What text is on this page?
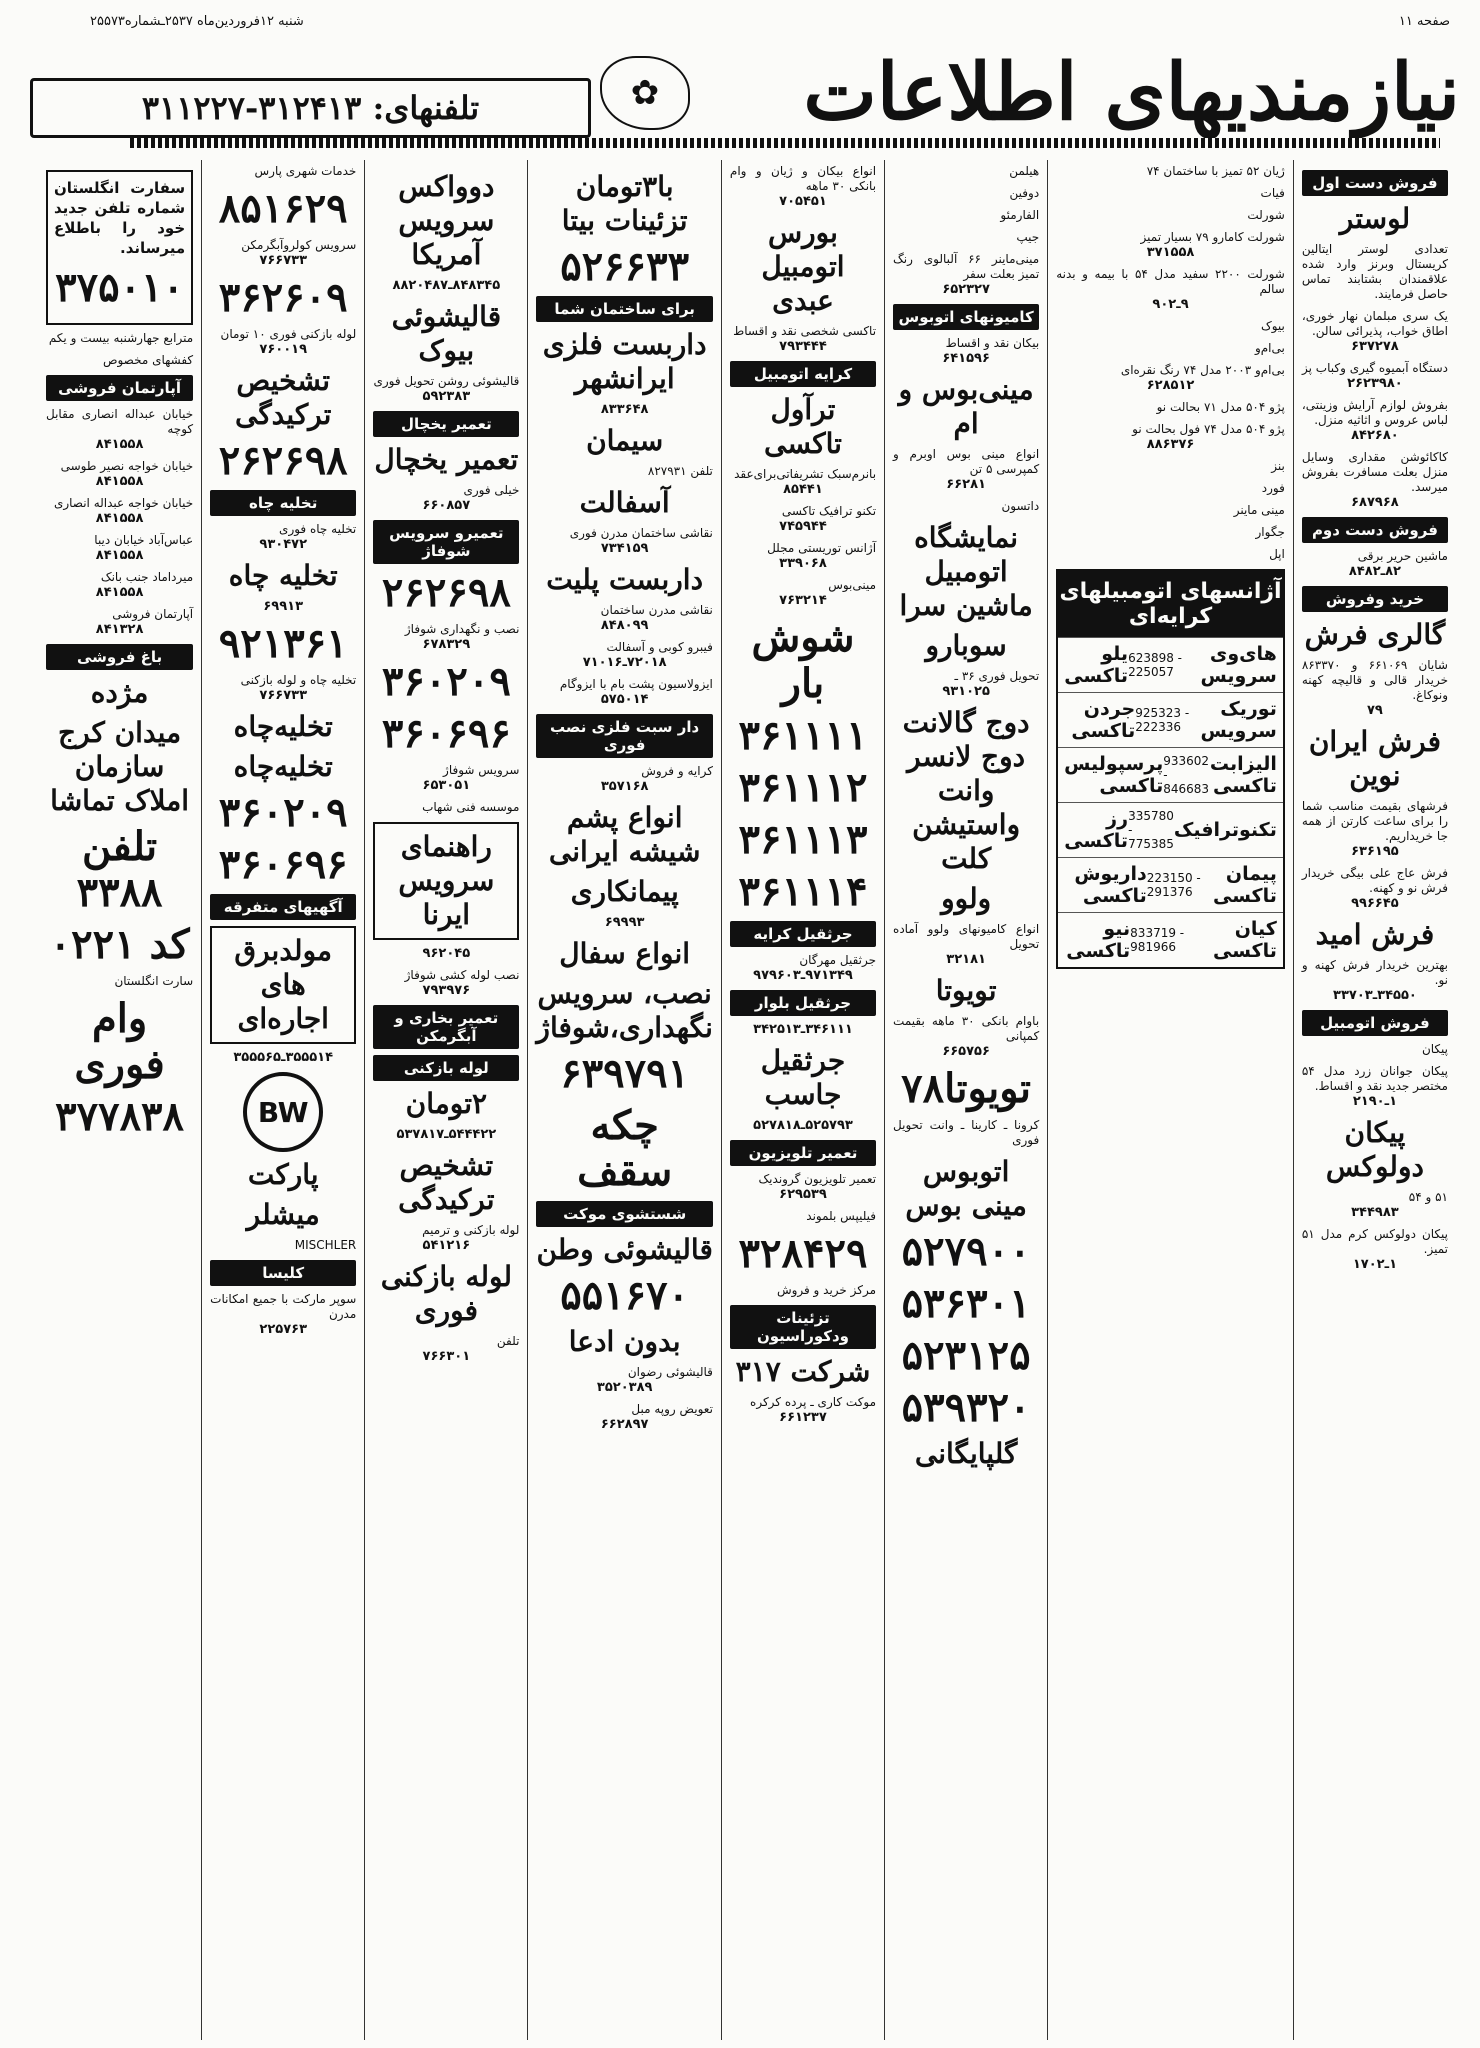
صفحه ۱۱
شنبه ۱۲فروردین‌ماه ۲۵۳۷ـشماره۲۵۵۷۳
نیازمندیهای اطلاعات
✿
تلفنهای: ۳۱۲۴۱۳-۳۱۱۲۲۷
فروش دست اول
لوستر
تعدادی لوستر ایتالین کریستال وبرنز وارد شده علاقمندان بشتابند تماس حاصل فرمایند.
یک سری مبلمان نهار خوری، اطاق خواب، پذیرائی سالن.
۶۳۷۲۷۸
دستگاه آبمیوه گیری وکباب پز
۲۶۲۳۹۸۰
بفروش لوازم آرایش وزینتی، لباس عروس و اثاثیه منزل.
۸۴۲۶۸۰
کاکائوشن مقداری وسایل منزل بعلت مسافرت بفروش میرسد.
۶۸۷۹۶۸
فروش دست دوم
ماشین حریر برقی
۸۲ـ۸۴۸۲
خرید وفروش
گالری فرش
شایان ۶۶۱۰۶۹ و ۸۶۳۳۷۰ خریدار قالی و قالیچه کهنه ونوکاغ.
۷۹
فرش ایران نوین
فرشهای بقیمت مناسب شما را برای ساعت کارتن از همه جا خریداریم.
۶۳۶۱۹۵
فرش عاج علی بیگی خریدار فرش نو و کهنه.
۹۹۶۶۴۵
فرش امید
بهترین خریدار فرش کهنه و نو.
۳۴۵۵۰ـ۳۳۷۰۳
فروش اتومبیل
پیکان
پیکان جوانان زرد مدل ۵۴ مختصر جدید نقد و اقساط.
۱ـ۲۱۹۰
پیکان دولوکس
۵۱ و ۵۴
۳۴۴۹۸۳
پیکان دولوکس کرم مدل ۵۱ تمیز.
۱ـ۱۷۰۲
ژیان ۵۲ تمیز با ساختمان ۷۴
فیات
شورلت
شورلت کامارو ۷۹ بسیار تمیز
۳۷۱۵۵۸
شورلت ۲۲۰۰ سفید مدل ۵۴ با بیمه و بدنه سالم
۹ـ۹۰۲
بیوک
بی‌ام‌و
بی‌ام‌و ۲۰۰۳ مدل ۷۴ رنگ نقره‌ای
۶۲۸۵۱۲
پژو ۵۰۴ مدل ۷۱ بحالت نو
پژو ۵۰۴ مدل ۷۴ فول بحالت نو
۸۸۶۳۷۶
بنز
فورد
مینی ماینر
جگوار
اپل
آژانسهای اتومبیلهای کرایه‌ای
های‌وی سرویس
623898 - 225057
یلو تاکسی
توریک سرویس
925323 - 222336
جردن تاکسی
الیزابت تاکسی
933602 - 846683
پرسپولیس تاکسی
تکنوترافیک
335780 - 775385
رز تاکسی
پیمان تاکسی
223150 - 291376
داریوش تاکسی
کیان تاکسی
833719 - 981966
نیو تاکسی
هیلمن
دوفین
الفارمئو
جیپ
مینی‌ماینر ۶۶ آلبالوی رنگ تمیز بعلت سفر
۶۵۲۳۲۷
کامیونهای اتوبوس
بیکان نقد و اقساط
۶۴۱۵۹۶
مینی‌بوس و ام
انواع مینی بوس اوبرم و کمپرسی ۵ تن
۶۶۲۸۱
داتسون
نمایشگاه اتومبیل ماشین سرا
سوبارو
تحویل فوری ۳۶ ـ
۹۳۱۰۲۵
دوج گالانت دوج لانسر وانت واستیشن کلت
ولوو
انواع کامیونهای ولوو آماده تحویل
۳۲۱۸۱
تویوتا
باوام بانکی ۳۰ ماهه بقیمت کمپانی
۶۶۵۷۵۶
تویوتا۷۸
کرونا ـ کارینا ـ وانت تحویل فوری
اتوبوس مینی بوس
۵۲۷۹۰۰
۵۳۶۳۰۱
۵۲۳۱۲۵
۵۳۹۳۲۰
گلپایگانی
انواع بیکان و ژیان و وام بانکی ۳۰ ماهه
۷۰۵۴۵۱
بورس اتومبیل عبدی
تاکسی شخصی نقد و اقساط
۷۹۳۴۴۴
کرایه اتومبیل
ترآول تاکسی
بانرم‌سبک تشریفاتی‌برای‌عقد
۸۵۴۴۱
تکنو ترافیک تاکسی
۷۴۵۹۴۴
آژانس توریستی مجلل
۳۳۹۰۶۸
مینی‌بوس
۷۶۳۲۱۴
شوش بار
۳۶۱۱۱۱
۳۶۱۱۱۲
۳۶۱۱۱۳
۳۶۱۱۱۴
جرثقیل کرایه
جرثقیل مهرگان
۹۷۱۳۴۹ـ۹۷۹۶۰۳
جرثقیل بلوار
۳۴۶۱۱۱ـ۳۴۲۵۱۳
جرثقیل جاسب
۵۲۵۷۹۳ـ۵۲۷۸۱۸
تعمیر تلویزیون
تعمیر تلویزیون گروندیک
۶۲۹۵۳۹
فیلیپس بلموند
۳۲۸۴۲۹
مرکز خرید و فروش
تزئینات ودکوراسیون
شرکت ۳۱۷
موکت کاری ـ پرده کرکره
۶۶۱۲۳۷
با۳تومان تزئینات بیتا
۵۲۶۶۳۳
برای ساختمان شما
داربست فلزی ایرانشهر
۸۳۳۶۴۸
سیمان
تلفن ۸۲۷۹۳۱
آسفالت
نقاشی ساختمان مدرن فوری
۷۳۴۱۵۹
داربست پلیت
نقاشی مدرن ساختمان
۸۴۸۰۹۹
فیبرو کوبی و آسفالت
۷۲۰۱۸ـ۷۱۰۱۶
ایزولاسیون پشت بام با ایزوگام
۵۷۵۰۱۴
دار سبت فلزی نصب فوری
کرایه و فروش
۳۵۷۱۶۸
انواع پشم شیشه ایرانی
پیمانکاری
۶۹۹۹۳
انواع سفال
نصب، سرویس نگهداری،شوفاژ
۶۳۹۷۹۱
چکه سقف
شستشوی موکت
قالیشوئی وطن
۵۵۱۶۷۰
بدون ادعا
قالیشوئی رضوان
۳۵۲۰۳۸۹
تعویض روپه مبل
۶۶۲۸۹۷
دوواکس سرویس آمریکا
۸۴۸۳۴۵ـ۸۸۲۰۴۸۷
قالیشوئی بیوک
قالیشوئی روشن تحویل فوری
۵۹۲۳۸۳
تعمیر یخچال
تعمیر یخچال
خیلی فوری
۶۶۰۸۵۷
تعمیرو سرویس شوفاژ
۲۶۲۶۹۸
نصب و نگهداری شوفاژ
۶۷۸۳۲۹
۳۶۰۲۰۹
۳۶۰۶۹۶
سرویس شوفاژ
۶۵۳۰۵۱
موسسه فنی شهاب
راهنمای سرویس ایرنا
۹۶۲۰۴۵
نصب لوله کشی شوفاژ
۷۹۳۹۷۶
تعمیر بخاری و آبگرمکن
لوله بازکنی
۲تومان
۵۴۴۴۲۲ـ۵۳۷۸۱۷
تشخیص ترکیدگی
لوله بازکنی و ترمیم
۵۴۱۲۱۶
لوله بازکنی فوری
تلفن
۷۶۶۳۰۱
خدمات شهری پارس
۸۵۱۶۲۹
سرویس کولروآبگرمکن
۷۶۶۷۳۳
۳۶۲۶۰۹
لوله بازکنی فوری ۱۰ تومان
۷۶۰۰۱۹
تشخیص ترکیدگی
۲۶۲۶۹۸
تخلیه چاه
تخلیه چاه فوری
۹۳۰۴۷۲
تخلیه چاه
۶۹۹۱۳
۹۲۱۳۶۱
تخلیه چاه و لوله بازکنی
۷۶۶۷۳۳
تخلیه‌چاه
تخلیه‌چاه
۳۶۰۲۰۹
۳۶۰۶۹۶
آگهیهای متفرقه
مولدبرق های اجاره‌ای
۳۵۵۵۱۴ـ۳۵۵۵۶۵
BW
پارکت
میشلر
MISCHLER
کلیسا
سوپر مارکت با جمیع امکانات مدرن
۲۲۵۷۶۳
سفارت انگلستان شماره تلفن جدید خود را باطلاع میرساند.
۳۷۵۰۱۰
مترابع جهارشنبه بیست و یکم
کفشهای مخصوص
آپارتمان فروشی
خیابان عبداله انصاری مقابل کوچه
۸۴۱۵۵۸
خیابان خواجه نصیر طوسی
۸۴۱۵۵۸
خیابان خواجه عبداله انصاری
۸۴۱۵۵۸
عباس‌آباد خیابان دیبا
۸۴۱۵۵۸
میرداماد جنب بانک
۸۴۱۵۵۸
آپارتمان فروشی
۸۴۱۳۲۸
باغ فروشی
مژده
میدان کرج سازمان املاک تماشا
تلفن ۳۳۸۸
کد ۰۲۲۱
سارت انگلستان
وام فوری
۳۷۷۸۳۸
